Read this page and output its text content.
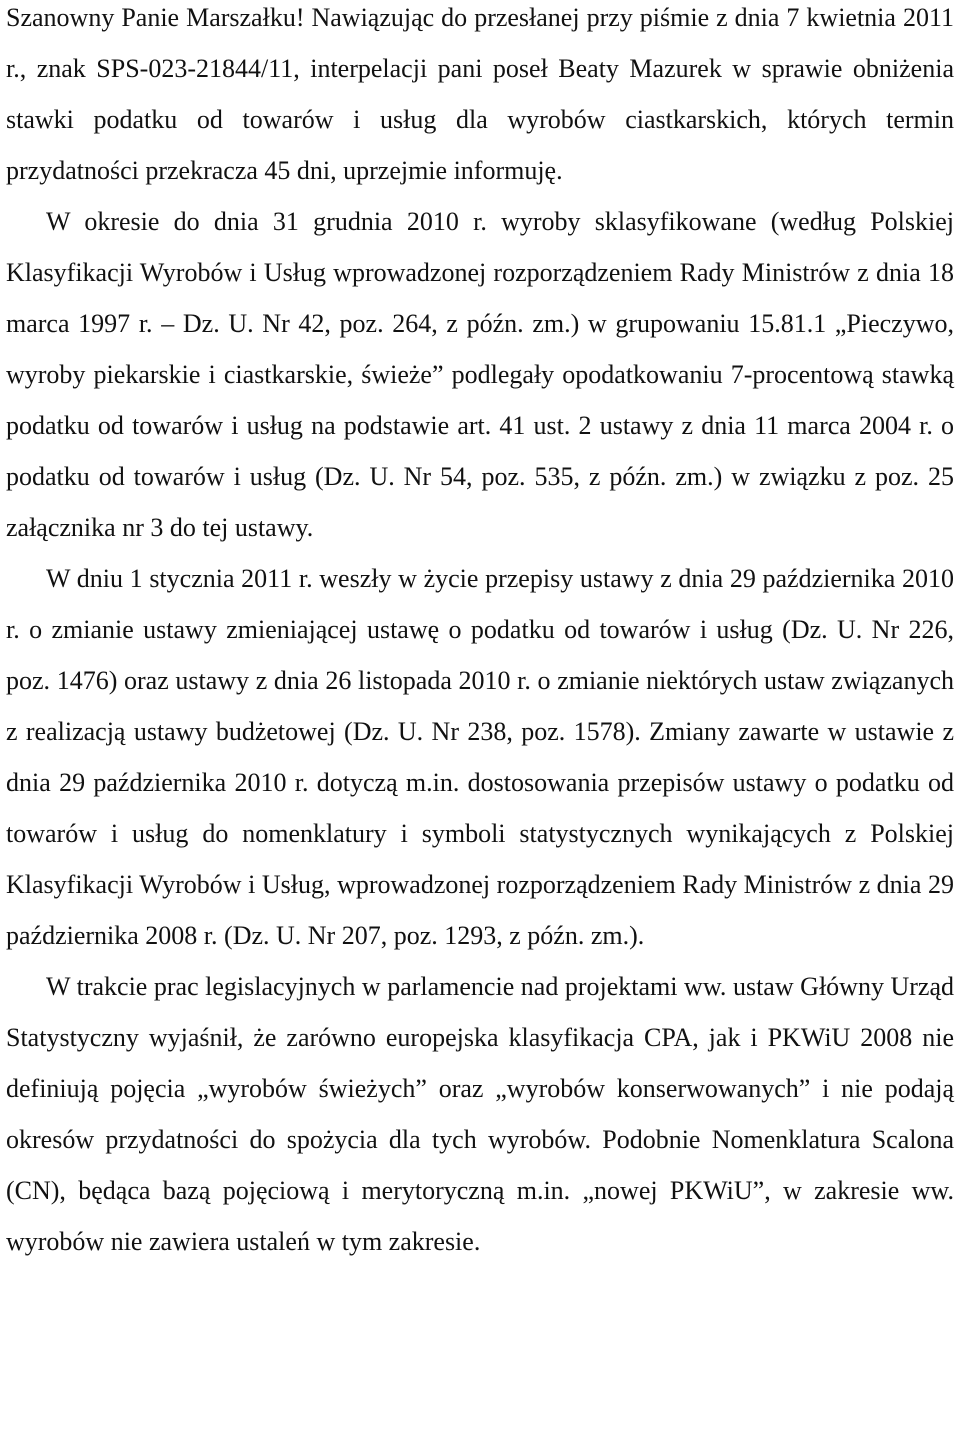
Szanowny Panie Marszałku! Nawiązując do przesłanej przy piśmie z dnia 7 kwietnia 2011 r., znak SPS-023-21844/11, interpelacji pani poseł Beaty Mazurek w sprawie obniżenia stawki podatku od towarów i usług dla wyrobów ciastkarskich, których termin przydatności przekracza 45 dni, uprzejmie informuję.

W okresie do dnia 31 grudnia 2010 r. wyroby sklasyfikowane (według Polskiej Klasyfikacji Wyrobów i Usług wprowadzonej rozporządzeniem Rady Ministrów z dnia 18 marca 1997 r. – Dz. U. Nr 42, poz. 264, z późn. zm.) w grupowaniu 15.81.1 „Pieczywo, wyroby piekarskie i ciastkarskie, świeże” podlegały opodatkowaniu 7-procentową stawką podatku od towarów i usług na podstawie art. 41 ust. 2 ustawy z dnia 11 marca 2004 r. o podatku od towarów i usług (Dz. U. Nr 54, poz. 535, z późn. zm.) w związku z poz. 25 załącznika nr 3 do tej ustawy.

W dniu 1 stycznia 2011 r. weszły w życie przepisy ustawy z dnia 29 października 2010 r. o zmianie ustawy zmieniającej ustawę o podatku od towarów i usług (Dz. U. Nr 226, poz. 1476) oraz ustawy z dnia 26 listopada 2010 r. o zmianie niektórych ustaw związanych z realizacją ustawy budżetowej (Dz. U. Nr 238, poz. 1578). Zmiany zawarte w ustawie z dnia 29 października 2010 r. dotyczą m.in. dostosowania przepisów ustawy o podatku od towarów i usług do nomenklatury i symboli statystycznych wynikających z Polskiej Klasyfikacji Wyrobów i Usług, wprowadzonej rozporządzeniem Rady Ministrów z dnia 29 października 2008 r. (Dz. U. Nr 207, poz. 1293, z późn. zm.).

W trakcie prac legislacyjnych w parlamencie nad projektami ww. ustaw Główny Urząd Statystyczny wyjaśnił, że zarówno europejska klasyfikacja CPA, jak i PKWiU 2008 nie definiują pojęcia „wyrobów świeżych” oraz „wyrobów konserwowanych” i nie podają okresów przydatności do spożycia dla tych wyrobów. Podobnie Nomenklatura Scalona (CN), będąca bazą pojęciową i merytoryczną m.in. „nowej PKWiU”, w zakresie ww. wyrobów nie zawiera ustaleń w tym zakresie.
